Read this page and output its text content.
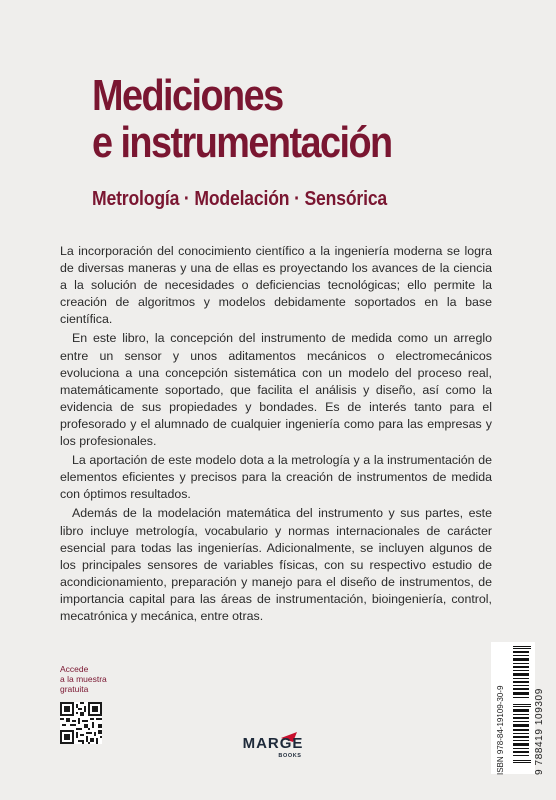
Mediciones
e instrumentación
Metrología · Modelación · Sensórica

La incorporación del conocimiento científico a la ingeniería moderna se logra de diversas maneras y una de ellas es proyectando los avances de la ciencia a la solución de necesidades o deficiencias tecnológicas; ello permite la creación de algoritmos y modelos debidamente soportados en la base científica.

En este libro, la concepción del instrumento de medida como un arreglo entre un sensor y unos aditamentos mecánicos o electromecánicos evoluciona a una concepción sistemática con un modelo del proceso real, matemáticamente soportado, que facilita el análisis y diseño, así como la evidencia de sus propiedades y bondades. Es de interés tanto para el profesorado y el alumnado de cualquier ingeniería como para las empresas y los profesionales.

La aportación de este modelo dota a la metrología y a la instrumentación de elementos eficientes y precisos para la creación de instrumentos de medida con óptimos resultados.

Además de la modelación matemática del instrumento y sus partes, este libro incluye metrología, vocabulario y normas internacionales de carácter esencial para todas las ingenierías. Adicionalmente, se incluyen algunos de los principales sensores de variables físicas, con su respectivo estudio de acondicionamiento, preparación y manejo para el diseño de instrumentos, de importancia capital para las áreas de instrumentación, bioingeniería, control, mecatrónica y mecánica, entre otras.

Accede
a la muestra
gratuita
MARGE
BOOKS	ISBN 978-84-19109-30-9	9 788419 109309
